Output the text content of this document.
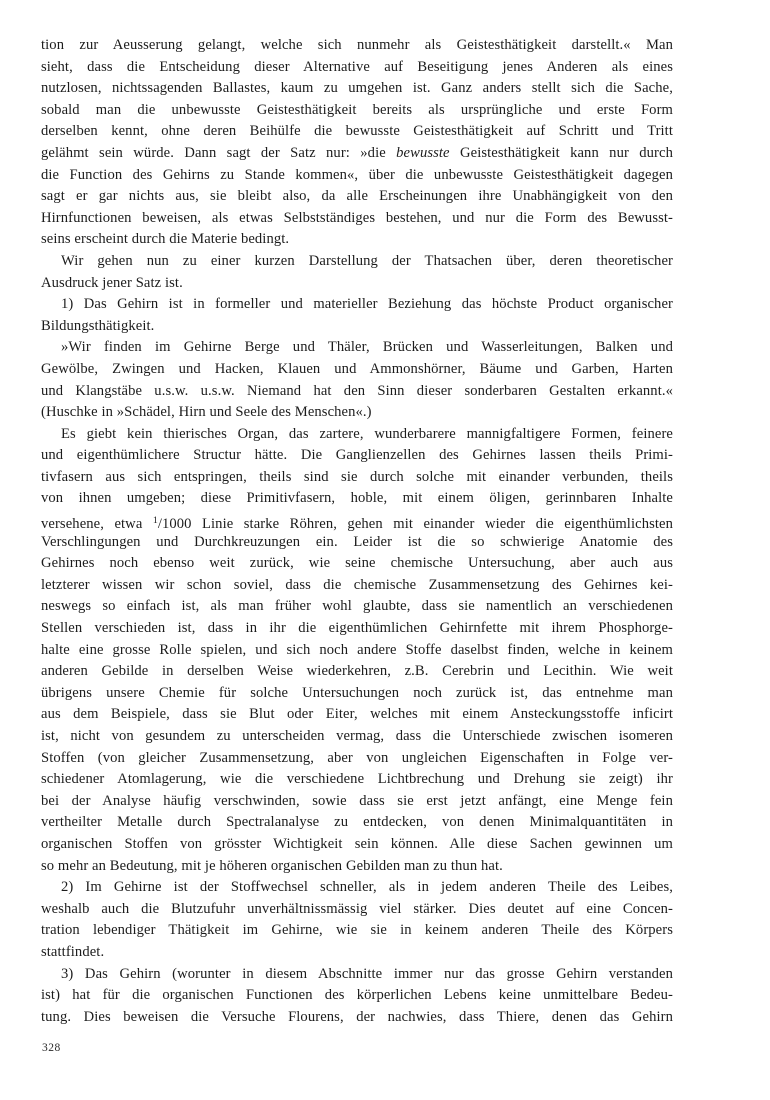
tion zur Aeusserung gelangt, welche sich nunmehr als Geistesthätigkeit darstellt.« Man
sieht, dass die Entscheidung dieser Alternative auf Beseitigung jenes Anderen als eines
nutzlosen, nichtssagenden Ballastes, kaum zu umgehen ist. Ganz anders stellt sich die Sache,
sobald man die unbewusste Geistesthätigkeit bereits als ursprüngliche und erste Form
derselben kennt, ohne deren Beihülfe die bewusste Geistesthätigkeit auf Schritt und Tritt
gelähmt sein würde. Dann sagt der Satz nur: »die bewusste Geistesthätigkeit kann nur durch
die Function des Gehirns zu Stande kommen«, über die unbewusste Geistesthätigkeit dagegen
sagt er gar nichts aus, sie bleibt also, da alle Erscheinungen ihre Unabhängigkeit von den
Hirnfunctionen beweisen, als etwas Selbstständiges bestehen, und nur die Form des Bewusst-
seins erscheint durch die Materie bedingt.
Wir gehen nun zu einer kurzen Darstellung der Thatsachen über, deren theoretischer
Ausdruck jener Satz ist.
1) Das Gehirn ist in formeller und materieller Beziehung das höchste Product organischer
Bildungsthätigkeit.
»Wir finden im Gehirne Berge und Thäler, Brücken und Wasserleitungen, Balken und
Gewölbe, Zwingen und Hacken, Klauen und Ammonshörner, Bäume und Garben, Harten
und Klangstäbe u.s.w. u.s.w. Niemand hat den Sinn dieser sonderbaren Gestalten erkannt.«
(Huschke in »Schädel, Hirn und Seele des Menschen«.)
Es giebt kein thierisches Organ, das zartere, wunderbarere mannigfaltigere Formen, feinere
und eigenthümlichere Structur hätte. Die Ganglienzellen des Gehirnes lassen theils Primi-
tivfasern aus sich entspringen, theils sind sie durch solche mit einander verbunden, theils
von ihnen umgeben; diese Primitivfasern, hoble, mit einem öligen, gerinnbaren Inhalte
versehene, etwa $^1$/1000 Linie starke Röhren, gehen mit einander wieder die eigenthümlichsten
Verschlingungen und Durchkreuzungen ein. Leider ist die so schwierige Anatomie des
Gehirnes noch ebenso weit zurück, wie seine chemische Untersuchung, aber auch aus
letzterer wissen wir schon soviel, dass die chemische Zusammensetzung des Gehirnes kei-
neswegs so einfach ist, als man früher wohl glaubte, dass sie namentlich an verschiedenen
Stellen verschieden ist, dass in ihr die eigenthümlichen Gehirnfette mit ihrem Phosphorge-
halte eine grosse Rolle spielen, und sich noch andere Stoffe daselbst finden, welche in keinem
anderen Gebilde in derselben Weise wiederkehren, z.B. Cerebrin und Lecithin. Wie weit
übrigens unsere Chemie für solche Untersuchungen noch zurück ist, das entnehme man
aus dem Beispiele, dass sie Blut oder Eiter, welches mit einem Ansteckungsstoffe inficirt
ist, nicht von gesundem zu unterscheiden vermag, dass die Unterschiede zwischen isomeren
Stoffen (von gleicher Zusammensetzung, aber von ungleichen Eigenschaften in Folge ver-
schiedener Atomlagerung, wie die verschiedene Lichtbrechung und Drehung sie zeigt) ihr
bei der Analyse häufig verschwinden, sowie dass sie erst jetzt anfängt, eine Menge fein
vertheilter Metalle durch Spectralanalyse zu entdecken, von denen Minimalquantitäten in
organischen Stoffen von grösster Wichtigkeit sein können. Alle diese Sachen gewinnen um
so mehr an Bedeutung, mit je höheren organischen Gebilden man zu thun hat.
2) Im Gehirne ist der Stoffwechsel schneller, als in jedem anderen Theile des Leibes,
weshalb auch die Blutzufuhr unverhältnissmässig viel stärker. Dies deutet auf eine Concen-
tration lebendiger Thätigkeit im Gehirne, wie sie in keinem anderen Theile des Körpers
stattfindet.
3) Das Gehirn (worunter in diesem Abschnitte immer nur das grosse Gehirn verstanden
ist) hat für die organischen Functionen des körperlichen Lebens keine unmittelbare Bedeu-
tung. Dies beweisen die Versuche Flourens, der nachwies, dass Thiere, denen das Gehirn
328
